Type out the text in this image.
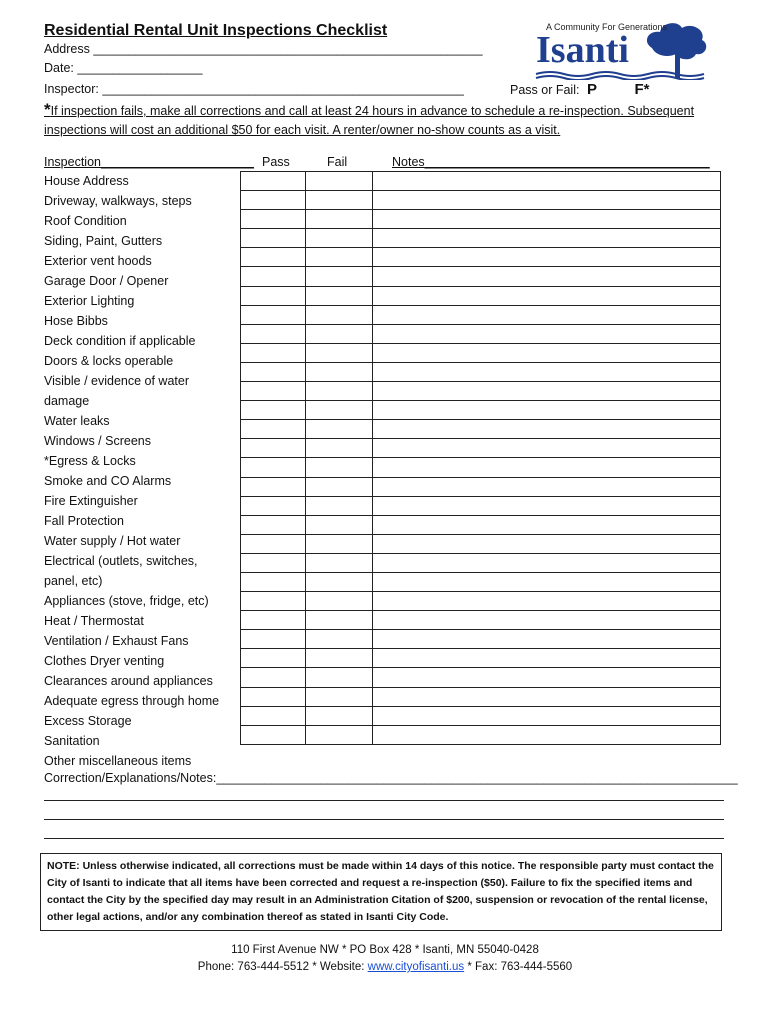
Residential Rental Unit Inspections Checklist
Address ________________________________________________________
Date: __________________
Inspector: ____________________________________________________	Pass or Fail: P F*
A Community For Generations
Isanti
*If inspection fails, make all corrections and call at least 24 hours in advance to schedule a re-inspection. Subsequent inspections will cost an additional $50 for each visit. A renter/owner no-show counts as a visit.
Inspection______________________ Pass	Fail	Notes_________________________________________
House Address
Driveway, walkways, steps
Roof Condition
Siding, Paint, Gutters
Exterior vent hoods
Garage Door / Opener
Exterior Lighting
Hose Bibbs
Deck condition if applicable
Doors & locks operable
Visible / evidence of water
damage
Water leaks
Windows / Screens
*Egress & Locks
Smoke and CO Alarms
Fire Extinguisher
Fall Protection
Water supply / Hot water
Electrical (outlets, switches,
panel, etc)
Appliances (stove, fridge, etc)
Heat / Thermostat
Ventilation / Exhaust Fans
Clothes Dryer venting
Clearances around appliances
Adequate egress through home
Excess Storage
Sanitation
Other miscellaneous items

Correction/Explanations/Notes:___________________________________________________________________________
NOTE: Unless otherwise indicated, all corrections must be made within 14 days of this notice. The responsible party must contact the City of Isanti to indicate that all items have been corrected and request a re-inspection ($50). Failure to fix the specified items and contact the City by the specified day may result in an Administration Citation of $200, suspension or revocation of the rental license, other legal actions, and/or any combination thereof as stated in Isanti City Code.
110 First Avenue NW * PO Box 428 * Isanti, MN 55040-0428
Phone: 763-444-5512 * Website: www.cityofisanti.us * Fax: 763-444-5560
